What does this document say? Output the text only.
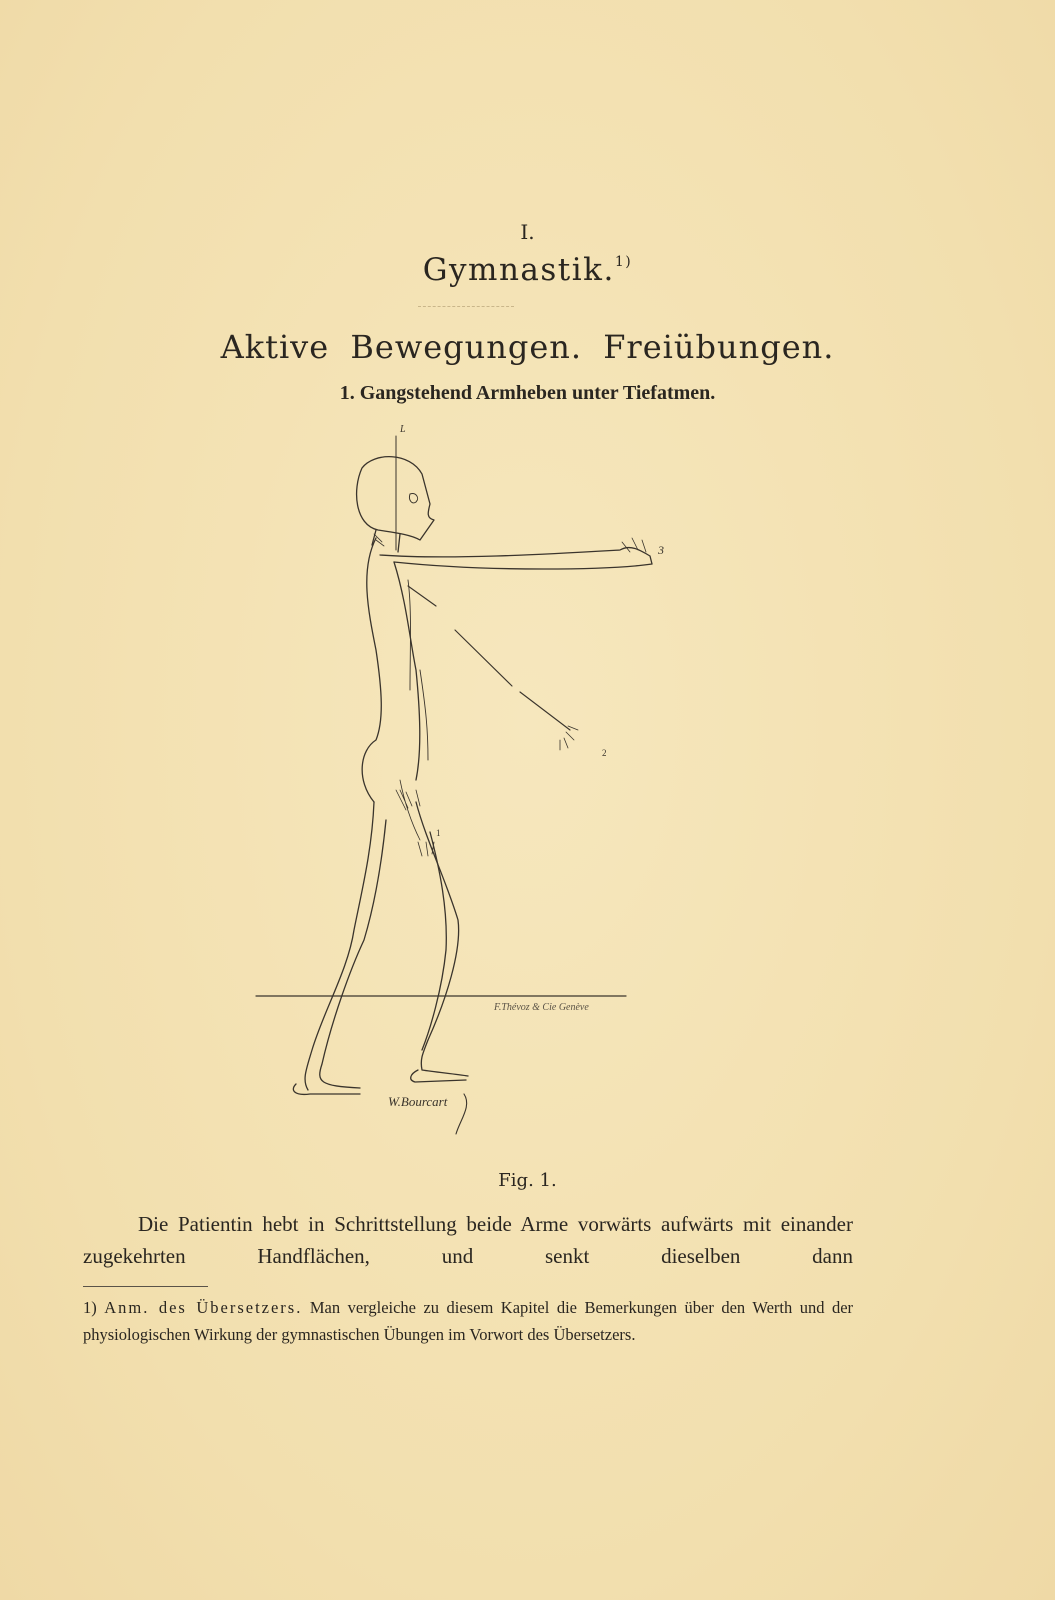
I.
Gymnastik.$^{1)}$
Aktive Bewegungen. Freiübungen.
1. Gangstehend Armheben unter Tiefatmen.
L
3
2
1
F.Thévoz & Cie Genève
W.Bourcart
Fig. 1.

Die Patientin hebt in Schrittstellung beide Arme vorwärts aufwärts mit einander zugekehrten Handflächen, und senkt dieselben dann

1) Anm. des Übersetzers. Man vergleiche zu diesem Kapitel die Bemerkungen über den Werth und der physiologischen Wirkung der gymnastischen Übungen im Vorwort des Übersetzers.
